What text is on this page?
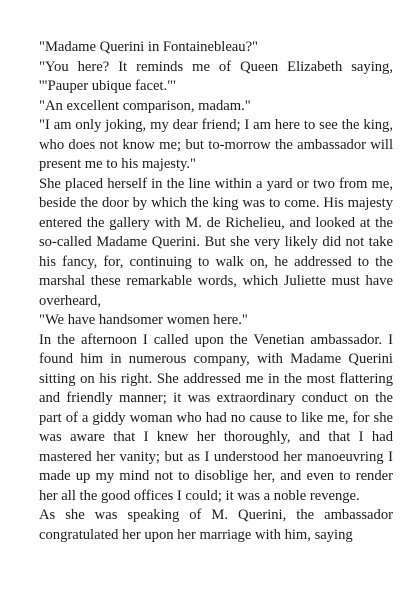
"Madame Querini in Fontainebleau?"

"You here? It reminds me of Queen Elizabeth saying, '"Pauper ubique facet."'

"An excellent comparison, madam."

"I am only joking, my dear friend; I am here to see the king, who does not know me; but to-morrow the ambassador will present me to his majesty."

She placed herself in the line within a yard or two from me, beside the door by which the king was to come. His majesty entered the gallery with M. de Richelieu, and looked at the so-called Madame Querini. But she very likely did not take his fancy, for, continuing to walk on, he addressed to the marshal these remarkable words, which Juliette must have overheard,

"We have handsomer women here."

In the afternoon I called upon the Venetian ambassador. I found him in numerous company, with Madame Querini sitting on his right. She addressed me in the most flattering and friendly manner; it was extraordinary conduct on the part of a giddy woman who had no cause to like me, for she was aware that I knew her thoroughly, and that I had mastered her vanity; but as I understood her manoeuvring I made up my mind not to disoblige her, and even to render her all the good offices I could; it was a noble revenge.

As she was speaking of M. Querini, the ambassador congratulated her upon her marriage with him, saying
